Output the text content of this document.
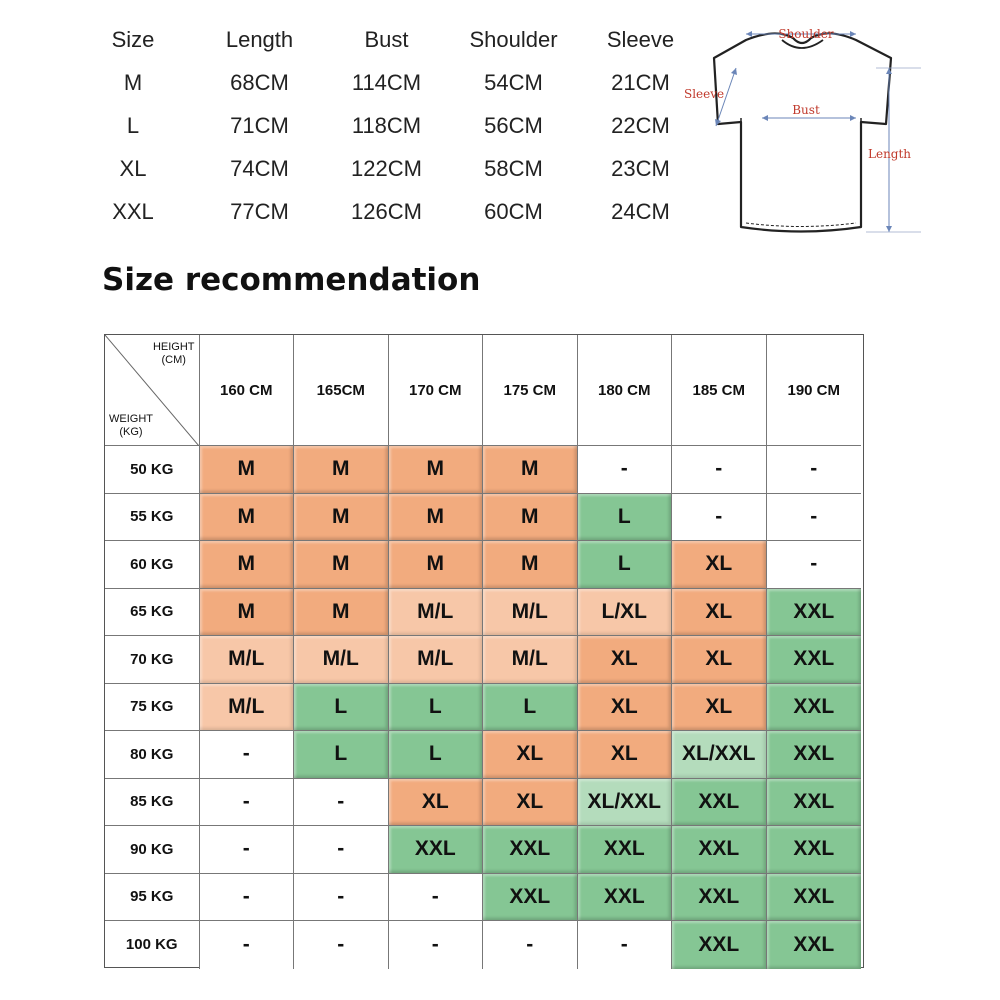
Size	Length	Bust	Shoulder	Sleeve
M	68CM	114CM	54CM	21CM
L	71CM	118CM	56CM	22CM
XL	74CM	122CM	58CM	23CM
XXL	77CM	126CM	60CM	24CM
Shoulder
Sleeve
Bust
Length
Size recommendation
HEIGHT
(CM)
WEIGHT
(KG)
160 CM	165CM	170 CM	175 CM	180 CM	185 CM	190 CM
50 KG	M	M	M	M	-	-	-
55 KG	M	M	M	M	L	-	-
60 KG	M	M	M	M	L	XL	-
65 KG	M	M	M/L	M/L	L/XL	XL	XXL
70 KG	M/L	M/L	M/L	M/L	XL	XL	XXL
75 KG	M/L	L	L	L	XL	XL	XXL
80 KG	-	L	L	XL	XL	XL/XXL	XXL
85 KG	-	-	XL	XL	XL/XXL	XXL	XXL
90 KG	-	-	XXL	XXL	XXL	XXL	XXL
95 KG	-	-	-	XXL	XXL	XXL	XXL
100 KG	-	-	-	-	-	XXL	XXL
